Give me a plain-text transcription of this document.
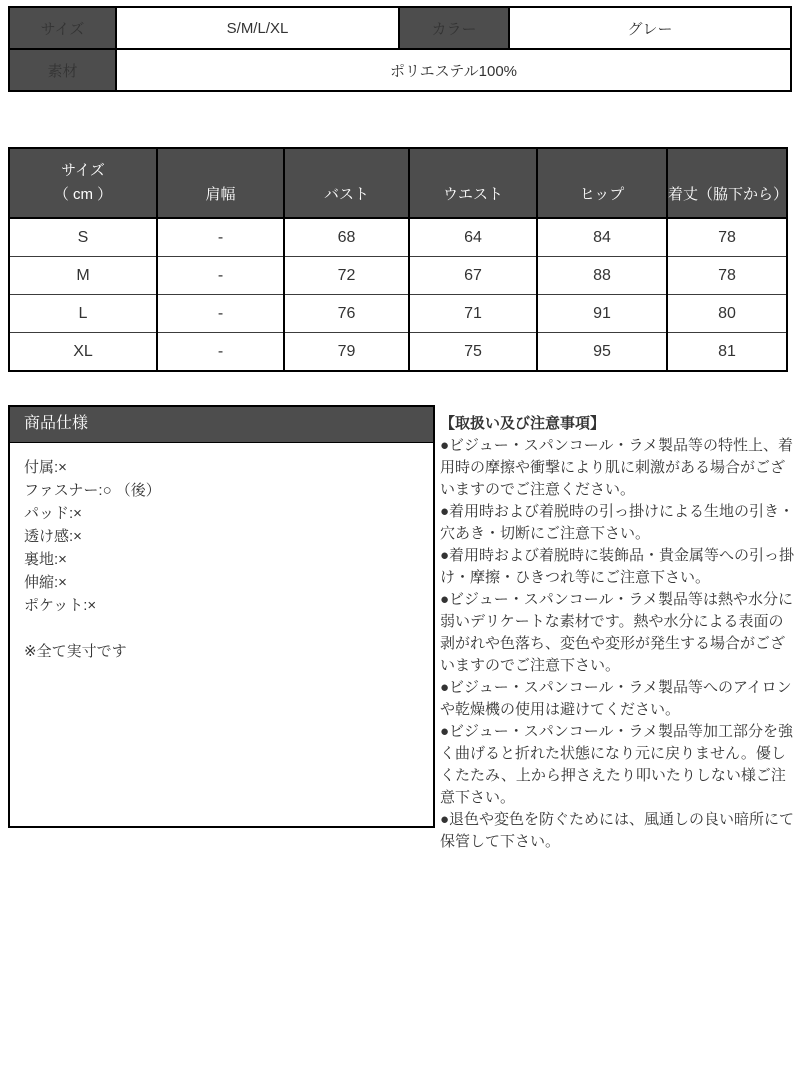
サイズ	S/M/L/XL	カラー	グレー
素材	ポリエステル100%		
サイズ
（ cm ）	肩幅	バスト	ウエスト	ヒップ	着丈（脇下から）
S	-	68	64	84	78
M	-	72	67	88	78
L	-	76	71	91	80
XL	-	79	75	95	81
商品仕様
付属:×
ファスナー:○ （後）
パッド:×
透け感:×
裏地:×
伸縮:×
ポケット:×
※全て実寸です

【取扱い及び注意事項】

●ビジュー・スパンコール・ラメ製品等の特性上、着用時の摩擦や衝撃により肌に刺激がある場合がございますのでご注意ください。

●着用時および着脱時の引っ掛けによる生地の引き・穴あき・切断にご注意下さい。

●着用時および着脱時に装飾品・貴金属等への引っ掛け・摩擦・ひきつれ等にご注意下さい。

●ビジュー・スパンコール・ラメ製品等は熱や水分に弱いデリケートな素材です。熱や水分による表面の剥がれや色落ち、変色や変形が発生する場合がございますのでご注意下さい。

●ビジュー・スパンコール・ラメ製品等へのアイロンや乾燥機の使用は避けてください。

●ビジュー・スパンコール・ラメ製品等加工部分を強く曲げると折れた状態になり元に戻りません。優しくたたみ、上から押さえたり叩いたりしない様ご注意下さい。

●退色や変色を防ぐためには、風通しの良い暗所にて保管して下さい。
